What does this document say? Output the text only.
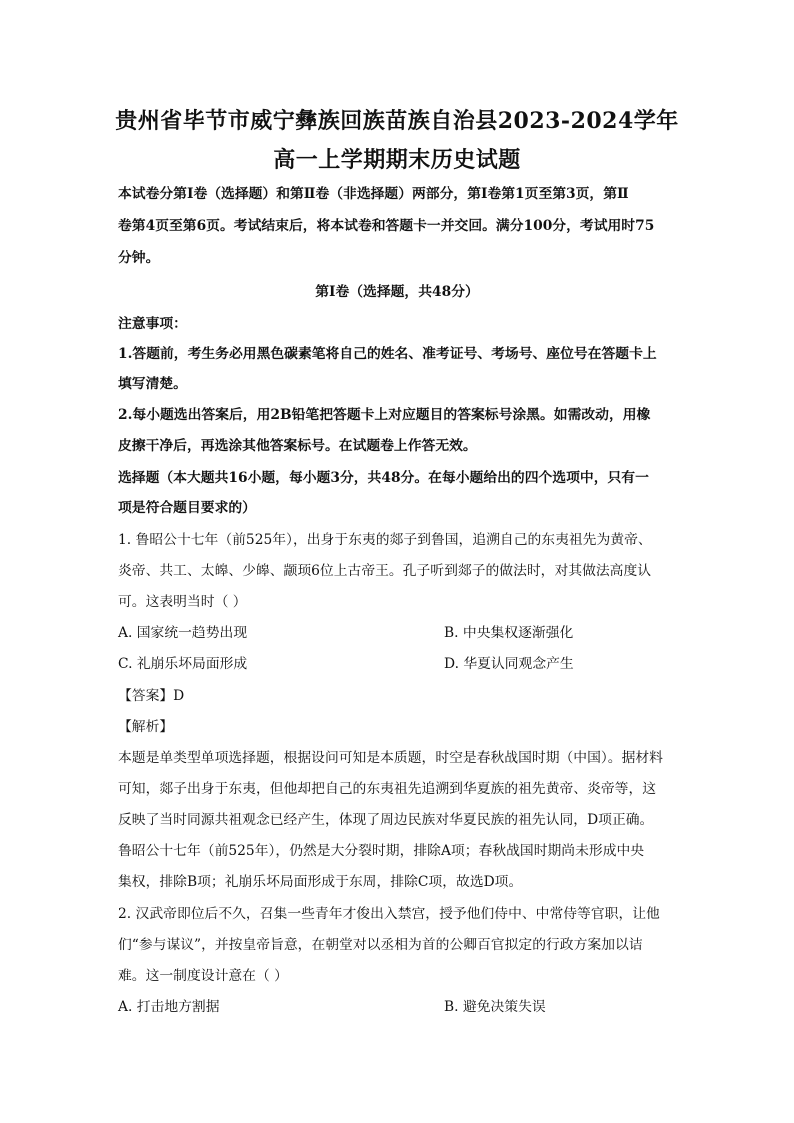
贵州省毕节市威宁彝族回族苗族自治县2023-2024学年
高一上学期期末历史试题
本试卷分第Ⅰ卷（选择题）和第Ⅱ卷（非选择题）两部分，第Ⅰ卷第1页至第3页，第Ⅱ
卷第4页至第6页。考试结束后，将本试卷和答题卡一并交回。满分100分，考试用时75
分钟。
第Ⅰ卷（选择题，共48分）
注意事项：
1.答题前，考生务必用黑色碳素笔将自己的姓名、准考证号、考场号、座位号在答题卡上
填写清楚。
2.每小题选出答案后，用2B铅笔把答题卡上对应题目的答案标号涂黑。如需改动，用橡
皮擦干净后，再选涂其他答案标号。在试题卷上作答无效。
选择题（本大题共16小题，每小题3分，共48分。在每小题给出的四个选项中，只有一
项是符合题目要求的）
1. 鲁昭公十七年（前525年），出身于东夷的郯子到鲁国，追溯自己的东夷祖先为黄帝、
炎帝、共工、太皞、少皞、颛顼6位上古帝王。孔子听到郯子的做法时，对其做法高度认
可。这表明当时（ ）
A. 国家统一趋势出现	B. 中央集权逐渐强化
C. 礼崩乐坏局面形成	D. 华夏认同观念产生
【答案】D
【解析】
本题是单类型单项选择题，根据设问可知是本质题，时空是春秋战国时期（中国）。据材料
可知，郯子出身于东夷，但他却把自己的东夷祖先追溯到华夏族的祖先黄帝、炎帝等，这
反映了当时同源共祖观念已经产生，体现了周边民族对华夏民族的祖先认同，D项正确。
鲁昭公十七年（前525年），仍然是大分裂时期，排除A项；春秋战国时期尚未形成中央
集权，排除B项；礼崩乐坏局面形成于东周，排除C项，故选D项。
2. 汉武帝即位后不久，召集一些青年才俊出入禁宫，授予他们侍中、中常侍等官职，让他
们“参与谋议”，并按皇帝旨意，在朝堂对以丞相为首的公卿百官拟定的行政方案加以诘
难。这一制度设计意在（ ）
A. 打击地方割据	B. 避免决策失误
